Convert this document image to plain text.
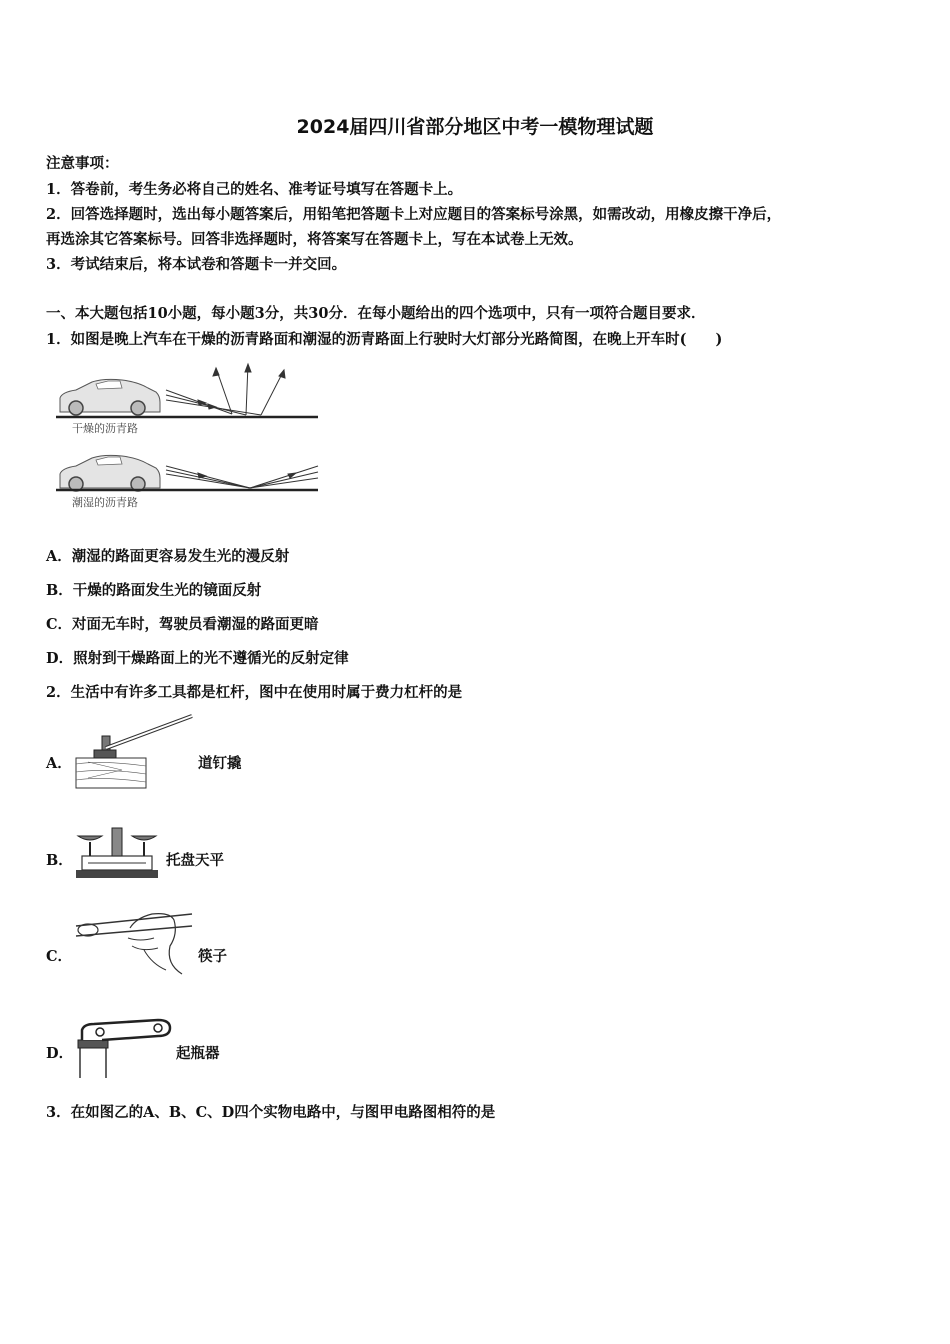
2024届四川省部分地区中考一模物理试题
注意事项：
1．答卷前，考生务必将自己的姓名、准考证号填写在答题卡上。
2．回答选择题时，选出每小题答案后，用铅笔把答题卡上对应题目的答案标号涂黑，如需改动，用橡皮擦干净后，
再选涂其它答案标号。回答非选择题时，将答案写在答题卡上，写在本试卷上无效。
3．考试结束后，将本试卷和答题卡一并交回。
一、本大题包括10小题，每小题3分，共30分．在每小题给出的四个选项中，只有一项符合题目要求．
1．如图是晚上汽车在干燥的沥青路面和潮湿的沥青路面上行驶时大灯部分光路简图，在晚上开车时(　　)
干燥的沥青路
潮湿的沥青路
A．潮湿的路面更容易发生光的漫反射
B．干燥的路面发生光的镜面反射
C．对面无车时，驾驶员看潮湿的路面更暗
D．照射到干燥路面上的光不遵循光的反射定律
2．生活中有许多工具都是杠杆，图中在使用时属于费力杠杆的是
A．	道钉撬
B．	托盘天平
C．	筷子
D．	起瓶器
3．在如图乙的A、B、C、D四个实物电路中，与图甲电路图相符的是
